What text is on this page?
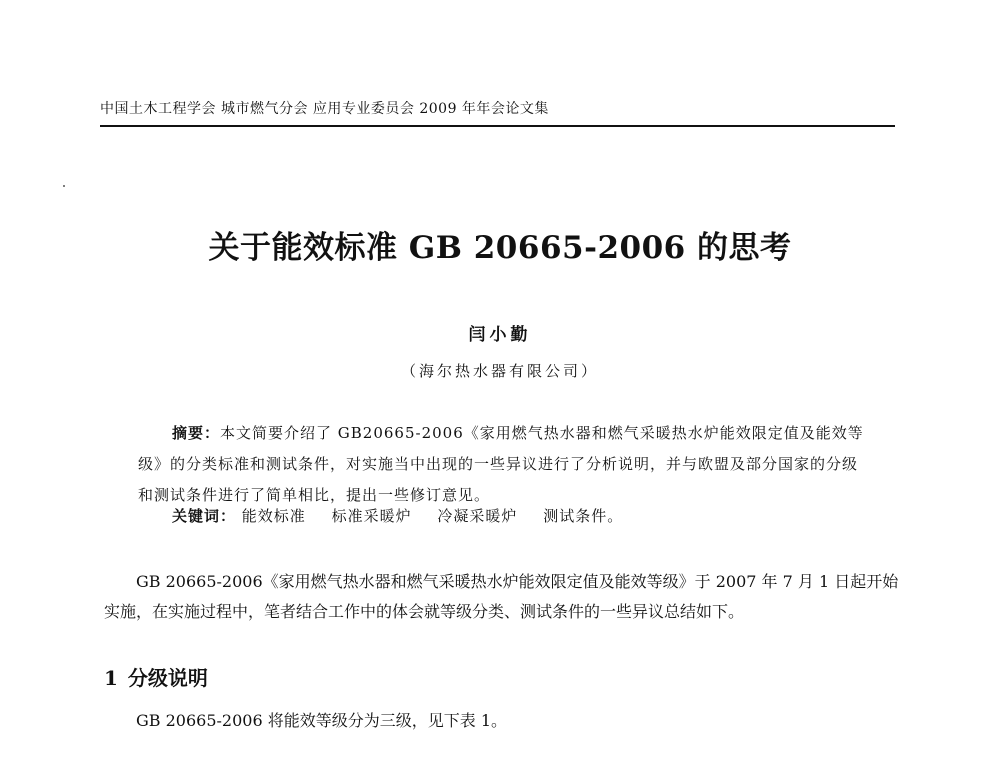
中国土木工程学会 城市燃气分会 应用专业委员会 2009 年年会论文集
关于能效标准 GB 20665-2006 的思考
闫小勤
（海尔热水器有限公司）

摘要：本文简要介绍了 GB20665-2006《家用燃气热水器和燃气采暖热水炉能效限定值及能效等级》的分类标准和测试条件，对实施当中出现的一些异议进行了分析说明，并与欧盟及部分国家的分级和测试条件进行了简单相比，提出一些修订意见。

关键词： 能效标准 标准采暖炉 冷凝采暖炉 测试条件。

GB 20665-2006《家用燃气热水器和燃气采暖热水炉能效限定值及能效等级》于 2007 年 7 月 1 日起开始实施，在实施过程中，笔者结合工作中的体会就等级分类、测试条件的一些异议总结如下。

1 分级说明
GB 20665-2006 将能效等级分为三级，见下表 1。
